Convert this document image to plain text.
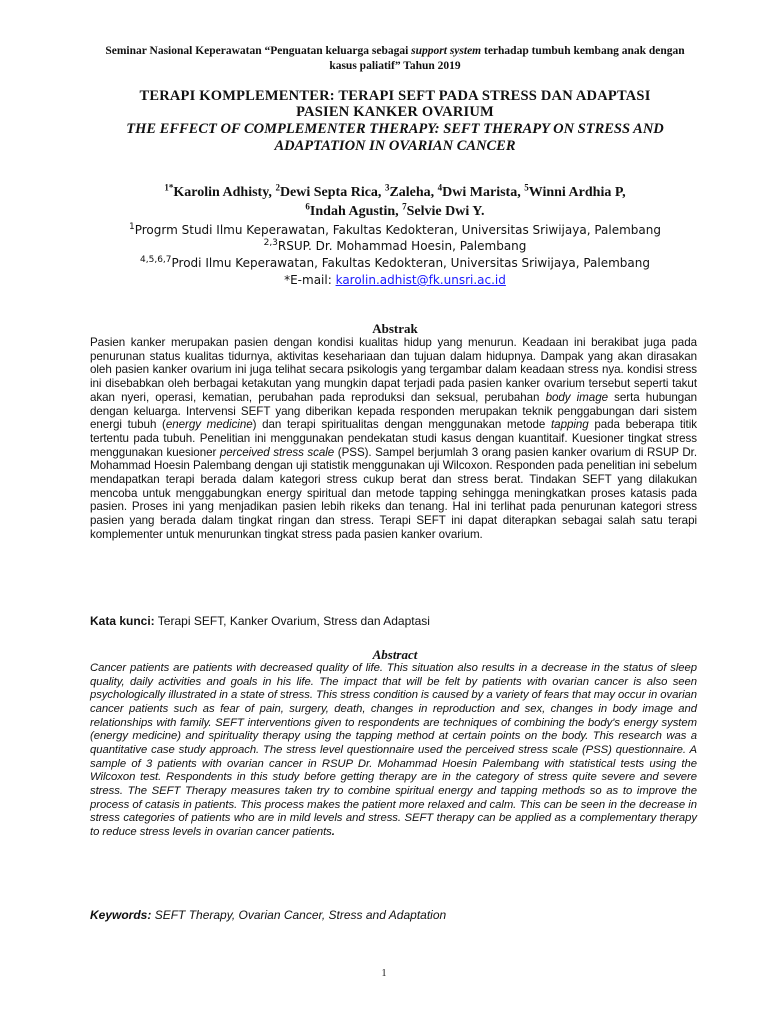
Seminar Nasional Keperawatan “Penguatan keluarga sebagai support system terhadap tumbuh kembang anak dengan kasus paliatif” Tahun 2019
TERAPI KOMPLEMENTER: TERAPI SEFT PADA STRESS DAN ADAPTASI
PASIEN KANKER OVARIUM
THE EFFECT OF COMPLEMENTER THERAPY: SEFT THERAPY ON STRESS AND
ADAPTATION IN OVARIAN CANCER
$^{1*}$Karolin Adhisty, $^2$Dewi Septa Rica, $^3$Zaleha, $^4$Dwi Marista, $^5$Winni Ardhia P,
$^6$Indah Agustin, $^7$Selvie Dwi Y.
$^1$Progrm Studi Ilmu Keperawatan, Fakultas Kedokteran, Universitas Sriwijaya, Palembang
$^{2,3}$RSUP. Dr. Mohammad Hoesin, Palembang
$^{4,5,6,7}$Prodi Ilmu Keperawatan, Fakultas Kedokteran, Universitas Sriwijaya, Palembang
*E-mail: karolin.adhist@fk.unsri.ac.id
Abstrak
Pasien kanker merupakan pasien dengan kondisi kualitas hidup yang menurun. Keadaan ini berakibat juga pada penurunan status kualitas tidurnya, aktivitas kesehariaan dan tujuan dalam hidupnya. Dampak yang akan dirasakan oleh pasien kanker ovarium ini juga telihat secara psikologis yang tergambar dalam keadaan stress nya. kondisi stress ini disebabkan oleh berbagai ketakutan yang mungkin dapat terjadi pada pasien kanker ovarium tersebut seperti takut akan nyeri, operasi, kematian, perubahan pada reproduksi dan seksual, perubahan body image serta hubungan dengan keluarga. Intervensi SEFT yang diberikan kepada responden merupakan teknik penggabungan dari sistem energi tubuh (energy medicine) dan terapi spiritualitas dengan menggunakan metode tapping pada beberapa titik tertentu pada tubuh. Penelitian ini menggunakan pendekatan studi kasus dengan kuantitaif. Kuesioner tingkat stress menggunakan kuesioner perceived stress scale (PSS). Sampel berjumlah 3 orang pasien kanker ovarium di RSUP Dr. Mohammad Hoesin Palembang dengan uji statistik menggunakan uji Wilcoxon. Responden pada penelitian ini sebelum mendapatkan terapi berada dalam kategori stress cukup berat dan stress berat. Tindakan SEFT yang dilakukan mencoba untuk menggabungkan energy spiritual dan metode tapping sehingga meningkatkan proses katasis pada pasien. Proses ini yang menjadikan pasien lebih rikeks dan tenang. Hal ini terlihat pada penurunan kategori stress pasien yang berada dalam tingkat ringan dan stress. Terapi SEFT ini dapat diterapkan sebagai salah satu terapi komplementer untuk menurunkan tingkat stress pada pasien kanker ovarium.
Kata kunci: Terapi SEFT, Kanker Ovarium, Stress dan Adaptasi
Abstract
Cancer patients are patients with decreased quality of life. This situation also results in a decrease in the status of sleep quality, daily activities and goals in his life. The impact that will be felt by patients with ovarian cancer is also seen psychologically illustrated in a state of stress. This stress condition is caused by a variety of fears that may occur in ovarian cancer patients such as fear of pain, surgery, death, changes in reproduction and sex, changes in body image and relationships with family. SEFT interventions given to respondents are techniques of combining the body's energy system (energy medicine) and spirituality therapy using the tapping method at certain points on the body. This research was a quantitative case study approach. The stress level questionnaire used the perceived stress scale (PSS) questionnaire. A sample of 3 patients with ovarian cancer in RSUP Dr. Mohammad Hoesin Palembang with statistical tests using the Wilcoxon test. Respondents in this study before getting therapy are in the category of stress quite severe and severe stress. The SEFT Therapy measures taken try to combine spiritual energy and tapping methods so as to improve the process of catasis in patients. This process makes the patient more relaxed and calm. This can be seen in the decrease in stress categories of patients who are in mild levels and stress. SEFT therapy can be applied as a complementary therapy to reduce stress levels in ovarian cancer patients.
Keywords: SEFT Therapy, Ovarian Cancer, Stress and Adaptation
1
